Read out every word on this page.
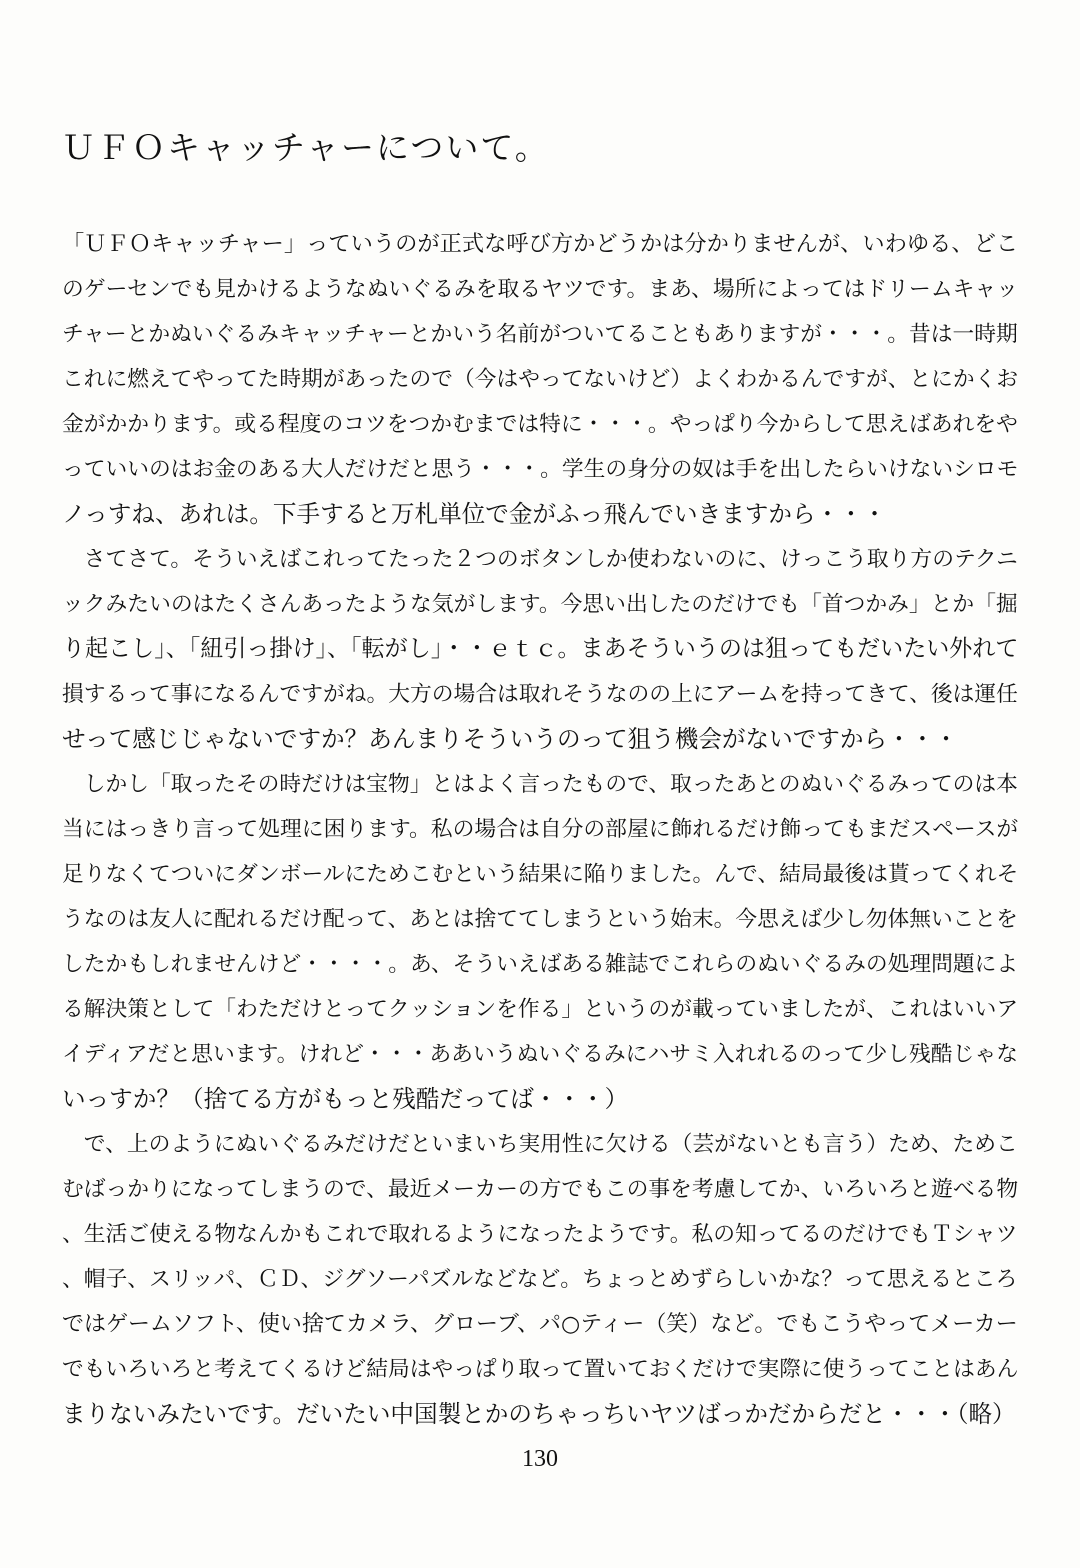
ＵＦＯキャッチャーについて。
「ＵＦＯキャッチャー」っていうのが正式な呼び方かどうかは分かりませんが、いわゆる、どこ
のゲーセンでも見かけるようなぬいぐるみを取るヤツです。まあ、場所によってはドリームキャッ
チャーとかぬいぐるみキャッチャーとかいう名前がついてることもありますが・・・。昔は一時期
これに燃えてやってた時期があったので（今はやってないけど）よくわかるんですが、とにかくお
金がかかります。或る程度のコツをつかむまでは特に・・・。やっぱり今からして思えばあれをや
っていいのはお金のある大人だけだと思う・・・。学生の身分の奴は手を出したらいけないシロモ
ノっすね、あれは。下手すると万札単位で金がふっ飛んでいきますから・・・
　さてさて。そういえばこれってたった２つのボタンしか使わないのに、けっこう取り方のテクニ
ックみたいのはたくさんあったような気がします。今思い出したのだけでも「首つかみ」とか「掘
り起こし」、「紐引っ掛け」、「転がし」・・ｅｔｃ。まあそういうのは狙ってもだいたい外れて
損するって事になるんですがね。大方の場合は取れそうなのの上にアームを持ってきて、後は運任
せって感じじゃないですか？あんまりそういうのって狙う機会がないですから・・・
　しかし「取ったその時だけは宝物」とはよく言ったもので、取ったあとのぬいぐるみってのは本
当にはっきり言って処理に困ります。私の場合は自分の部屋に飾れるだけ飾ってもまだスペースが
足りなくてついにダンボールにためこむという結果に陥りました。んで、結局最後は貰ってくれそ
うなのは友人に配れるだけ配って、あとは捨ててしまうという始末。今思えば少し勿体無いことを
したかもしれませんけど・・・・。あ、そういえばある雑誌でこれらのぬいぐるみの処理問題によ
る解決策として「わただけとってクッションを作る」というのが載っていましたが、これはいいア
イディアだと思います。けれど・・・ああいうぬいぐるみにハサミ入れれるのって少し残酷じゃな
いっすか？（捨てる方がもっと残酷だってば・・・）
　で、上のようにぬいぐるみだけだといまいち実用性に欠ける（芸がないとも言う）ため、ためこ
むばっかりになってしまうので、最近メーカーの方でもこの事を考慮してか、いろいろと遊べる物
、生活ご使える物なんかもこれで取れるようになったようです。私の知ってるのだけでもＴシャツ
、帽子、スリッパ、ＣＤ、ジグソーパズルなどなど。ちょっとめずらしいかな？って思えるところ
ではゲームソフト、使い捨てカメラ、グローブ、パ○ティー（笑）など。でもこうやってメーカー
でもいろいろと考えてくるけど結局はやっぱり取って置いておくだけで実際に使うってことはあん
まりないみたいです。だいたい中国製とかのちゃっちいヤツばっかだからだと・・・（略）
130
